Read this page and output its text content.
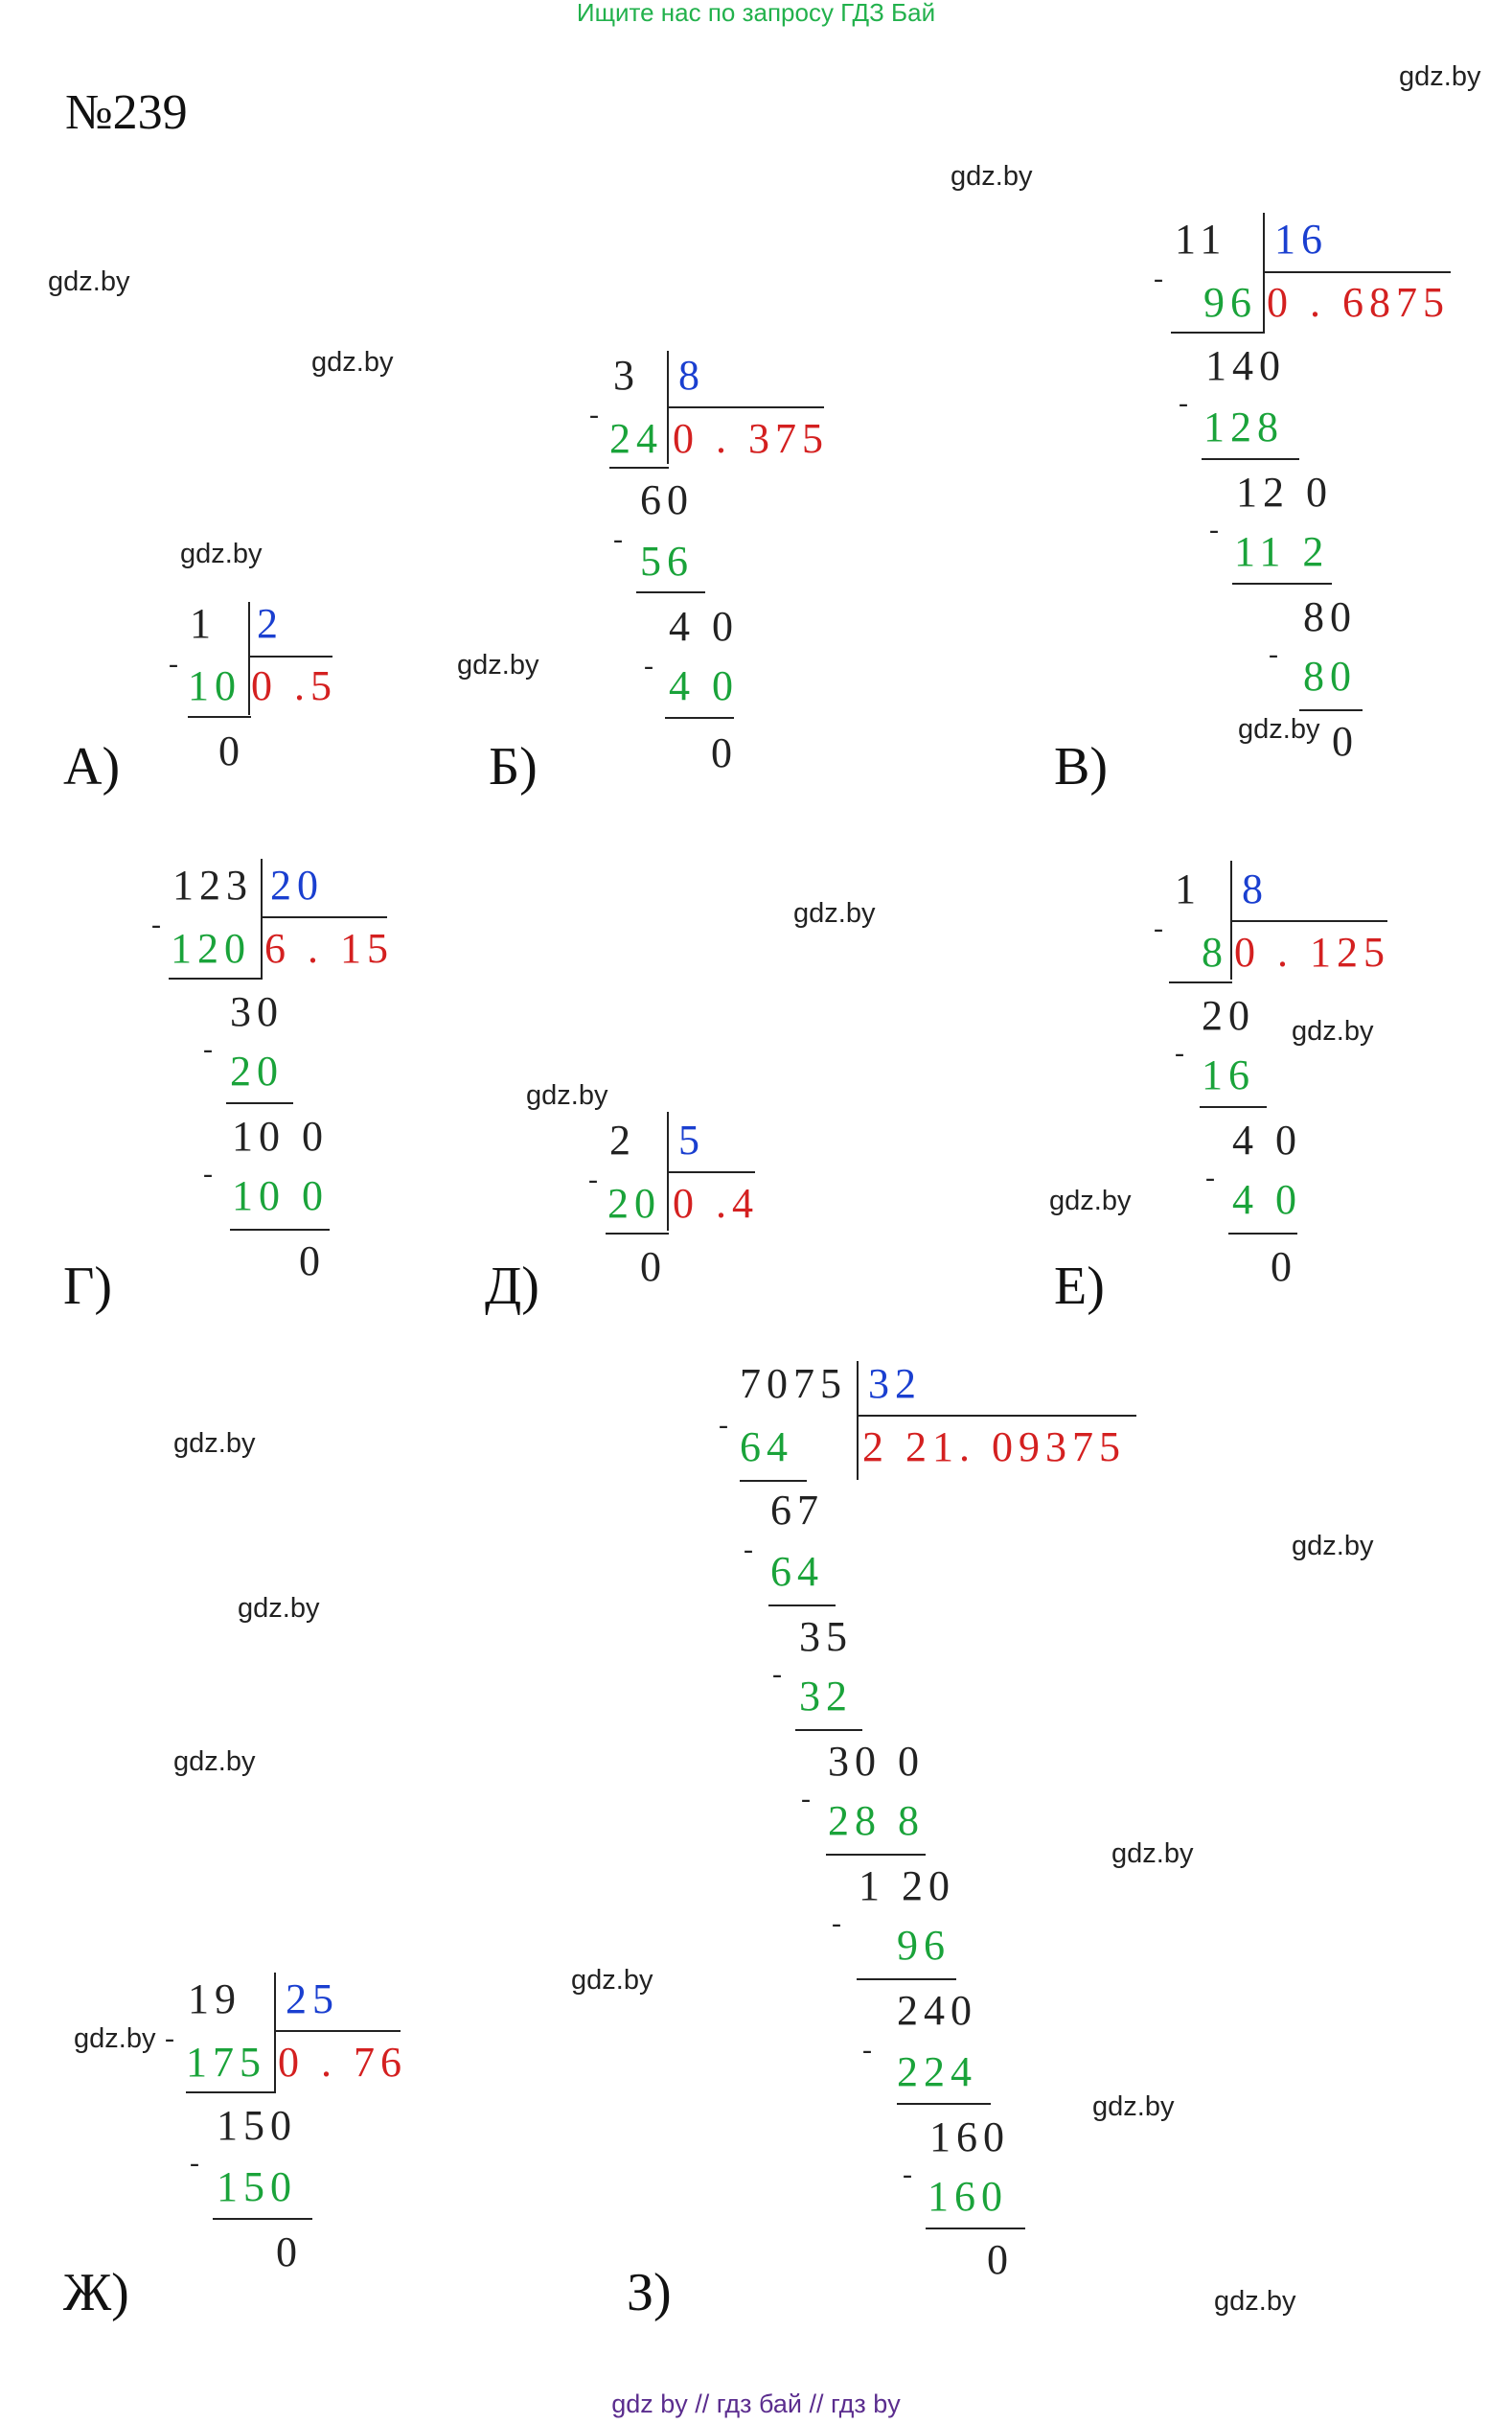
Ищите нас по запросу ГДЗ Бай
№239
gdz by // гдз бай // гдз by
gdz.by
gdz.by
gdz.by
gdz.by
gdz.by
gdz.by
gdz.by
gdz.by
gdz.by
gdz.by
gdz.by
gdz.by
gdz.by
gdz.by
gdz.by
gdz.by
gdz.by
gdz.by
gdz.by
gdz.by
А)	Б)	В)
Г)	Д)	Е)
Ж)	З)
1 2
- 10 0 .5
0
3 8
-
24 0 . 375
60
- 56
4 0
- 4 0
0
11 16
-
96 0 . 6875
140
-
128
12 0
- 11 2
80
- 80
0
123 20
-
120 6 . 15
30
- 20
10 0
- 10 0
0
2 5
-
20 0 .4
0
1 8
-
8 0 . 125
20
- 16
4 0
- 4 0
0
19 25
-
175 0 . 76
150
-
150
0
7075 32
- 64 2 21. 09375
67
- 64
35
- 32
30 0
- 28 8
1 20
- 96
240
- 224
160
- 160
0
